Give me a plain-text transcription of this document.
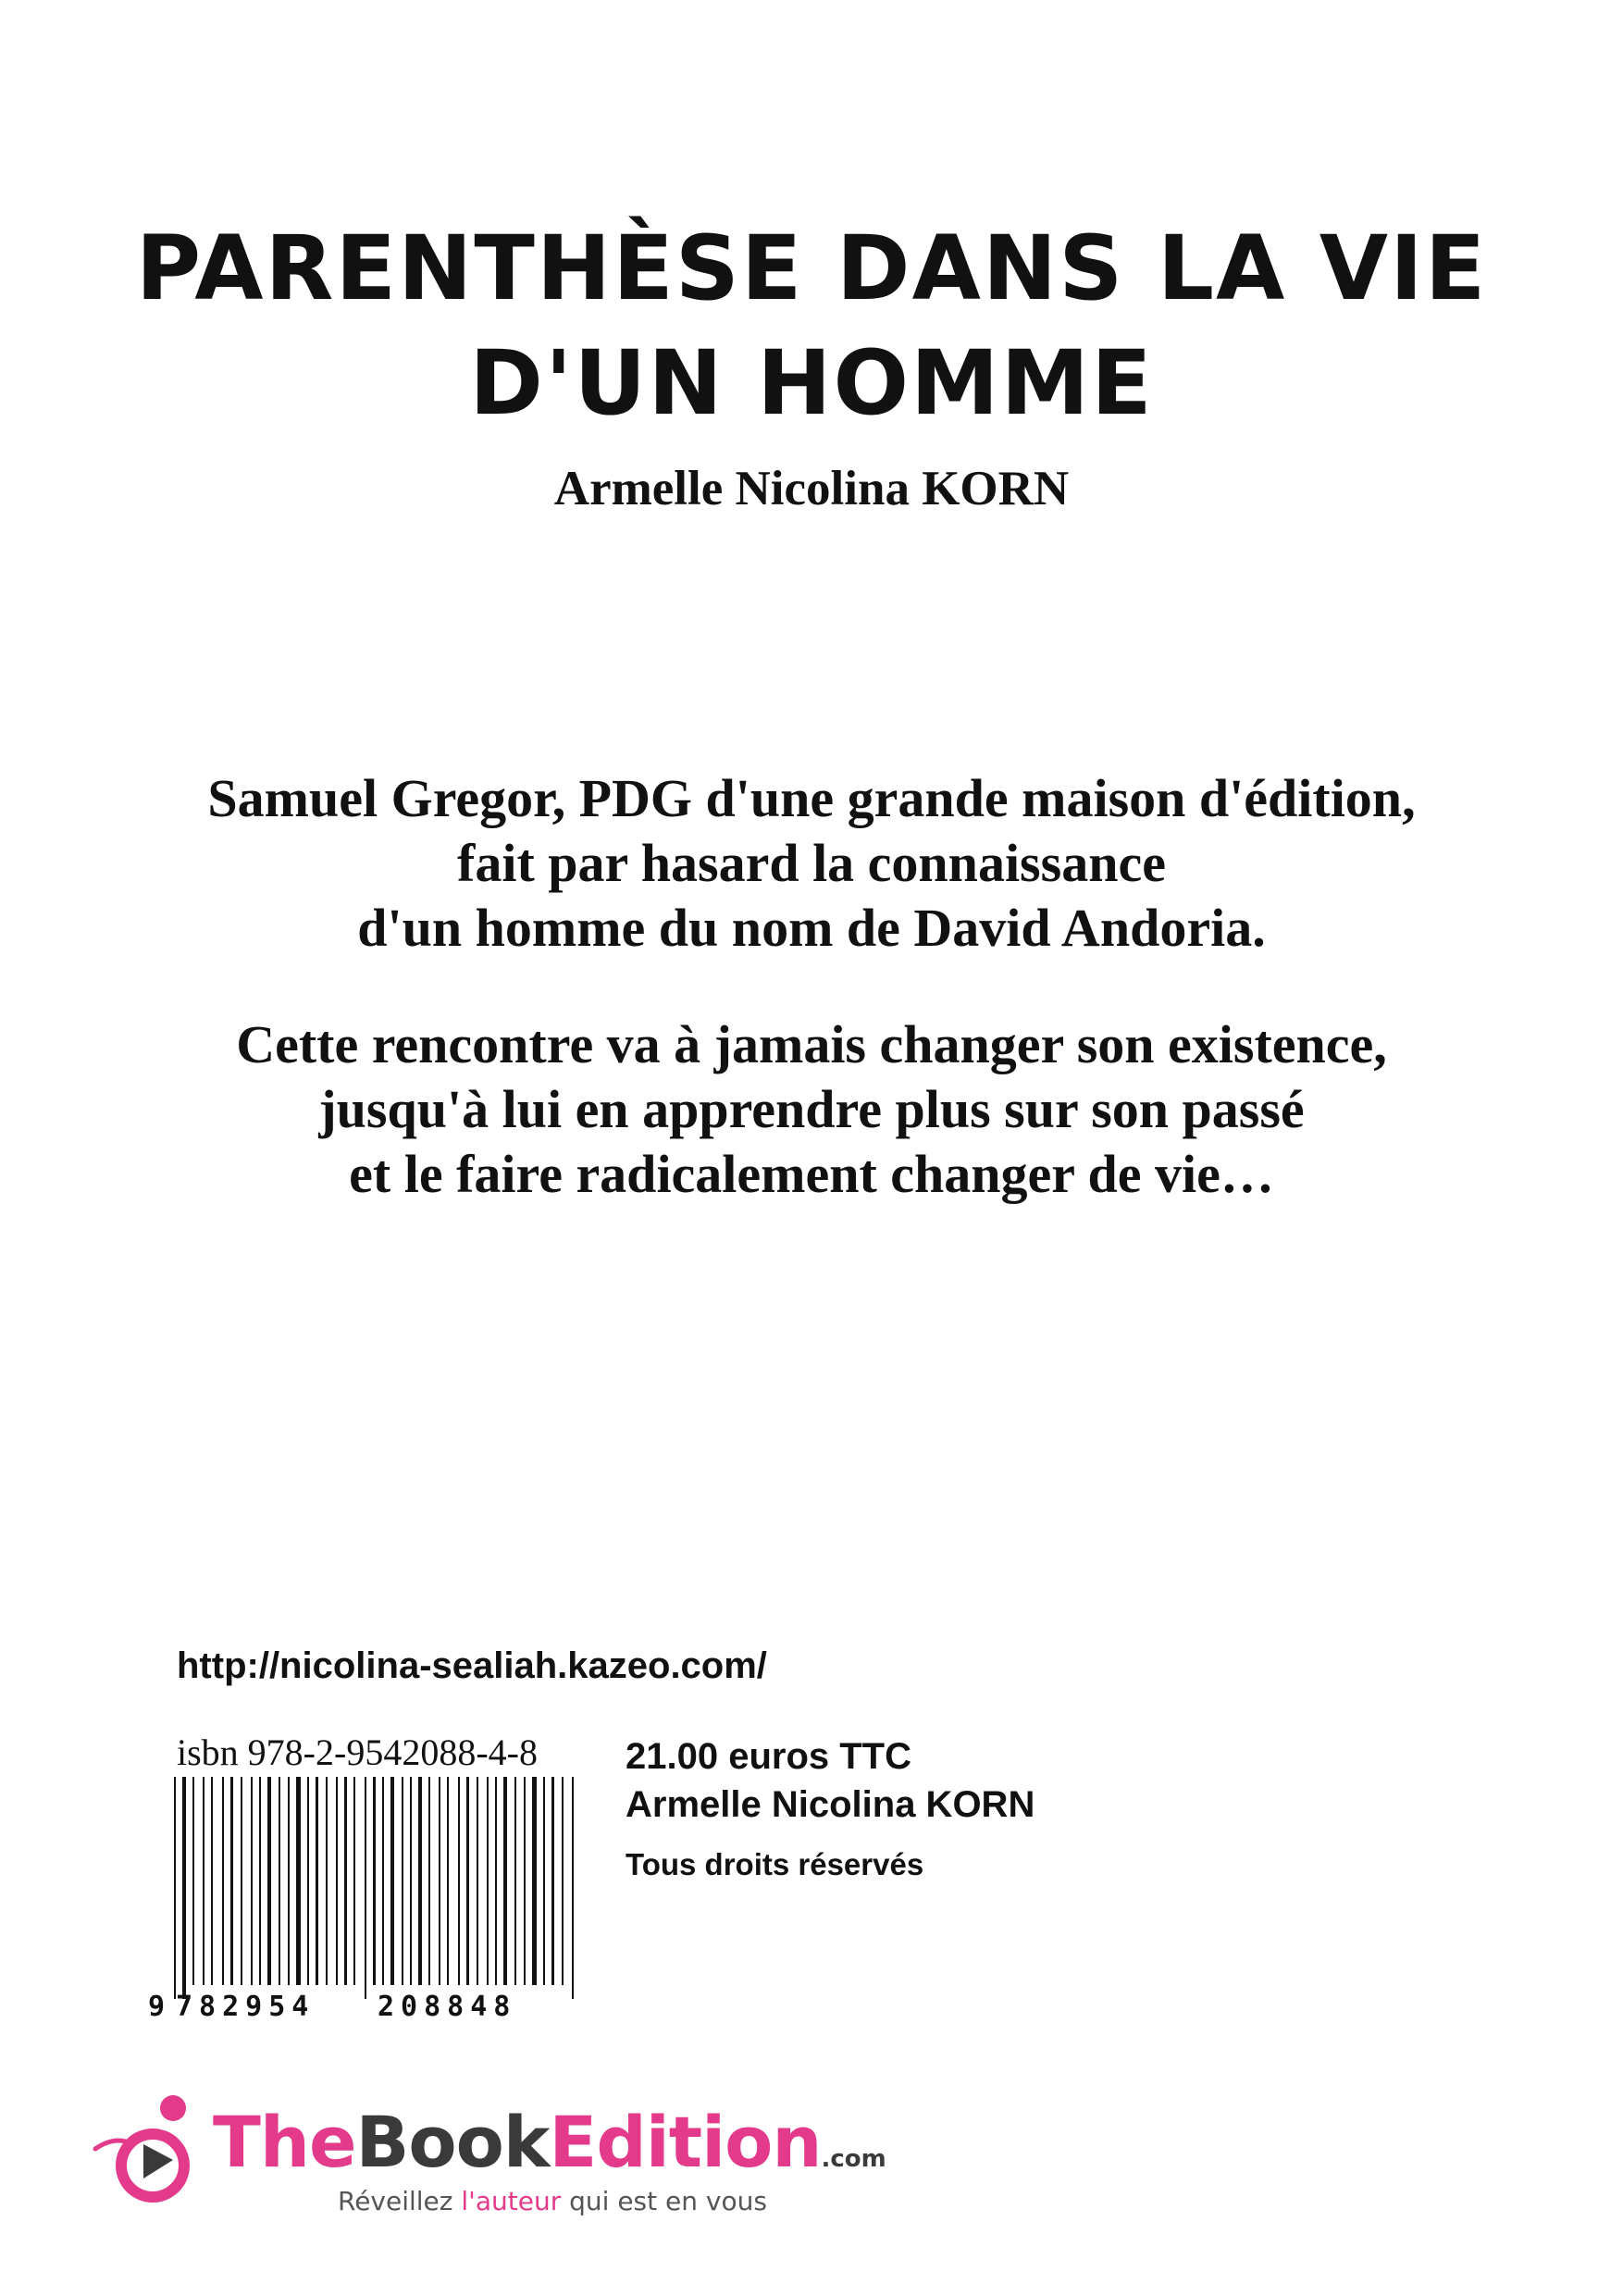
PARENTHÈSE DANS LA VIE
D'UN HOMME
Armelle Nicolina KORN
Samuel Gregor, PDG d'une grande maison d'édition,
fait par hasard la connaissance
d'un homme du nom de David Andoria.
Cette rencontre va à jamais changer son existence,
jusqu'à lui en apprendre plus sur son passé
et le faire radicalement changer de vie…
http://nicolina-sealiah.kazeo.com/
isbn 978-2-9542088-4-8
9 782954 208848
21.00 euros TTC
Armelle Nicolina KORN
Tous droits réservés
TheBookEdition.com
Réveillez l'auteur qui est en vous
